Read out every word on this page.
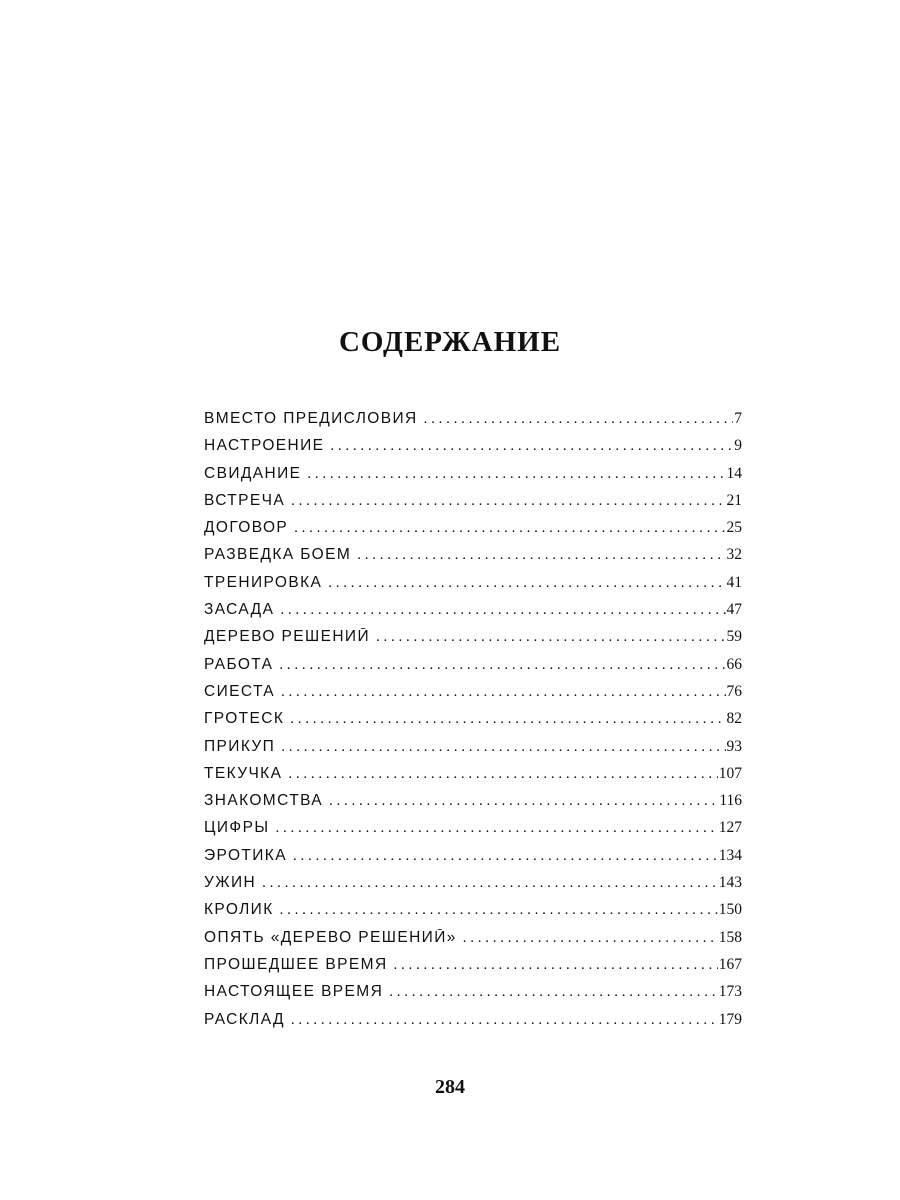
СОДЕРЖАНИЕ
ВМЕСТО ПРЕДИСЛОВИЯ . . .	7
НАСТРОЕНИЕ . . .	9
СВИДАНИЕ . . .	14
ВСТРЕЧА . . .	21
ДОГОВОР . . .	25
РАЗВЕДКА БОЕМ . . .	32
ТРЕНИРОВКА . . .	41
ЗАСАДА . . .	47
ДЕРЕВО РЕШЕНИЙ . . .	59
РАБОТА . . .	66
СИЕСТА . . .	76
ГРОТЕСК . . .	82
ПРИКУП . . .	93
ТЕКУЧКА . . .	107
ЗНАКОМСТВА . . .	116
ЦИФРЫ . . .	127
ЭРОТИКА . . .	134
УЖИН . . .	143
КРОЛИК . . .	150
ОПЯТЬ «ДЕРЕВО РЕШЕНИЙ» . . .	158
ПРОШЕДШЕЕ ВРЕМЯ . . .	167
НАСТОЯЩЕЕ ВРЕМЯ . . .	173
РАСКЛАД . . .	179
284
